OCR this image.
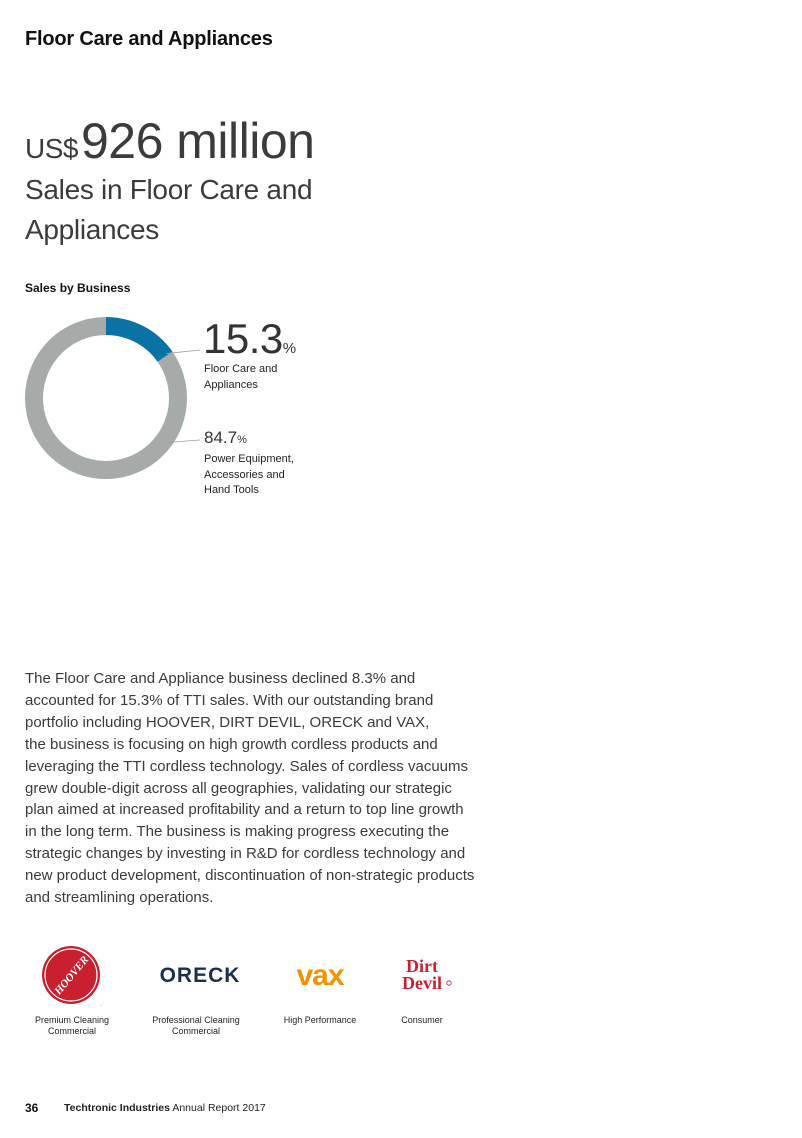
Floor Care and Appliances
US$926 million
Sales in Floor Care and
Appliances
Sales by Business
15.3%
Floor Care and
Appliances
84.7%
Power Equipment,
Accessories and
Hand Tools
The Floor Care and Appliance business declined 8.3% and
accounted for 15.3% of TTI sales. With our outstanding brand
portfolio including HOOVER, DIRT DEVIL, ORECK and VAX,
the business is focusing on high growth cordless products and
leveraging the TTI cordless technology. Sales of cordless vacuums
grew double-digit across all geographies, validating our strategic
plan aimed at increased profitability and a return to top line growth
in the long term. The business is making progress executing the
strategic changes by investing in R&D for cordless technology and
new product development, discontinuation of non-strategic products
and streamlining operations.
HOOVER
.
Premium Cleaning
Commercial
ORECK
Professional Cleaning
Commercial
vax
High Performance
Dirt
Devil
Consumer
36 Techtronic Industries Annual Report 2017
